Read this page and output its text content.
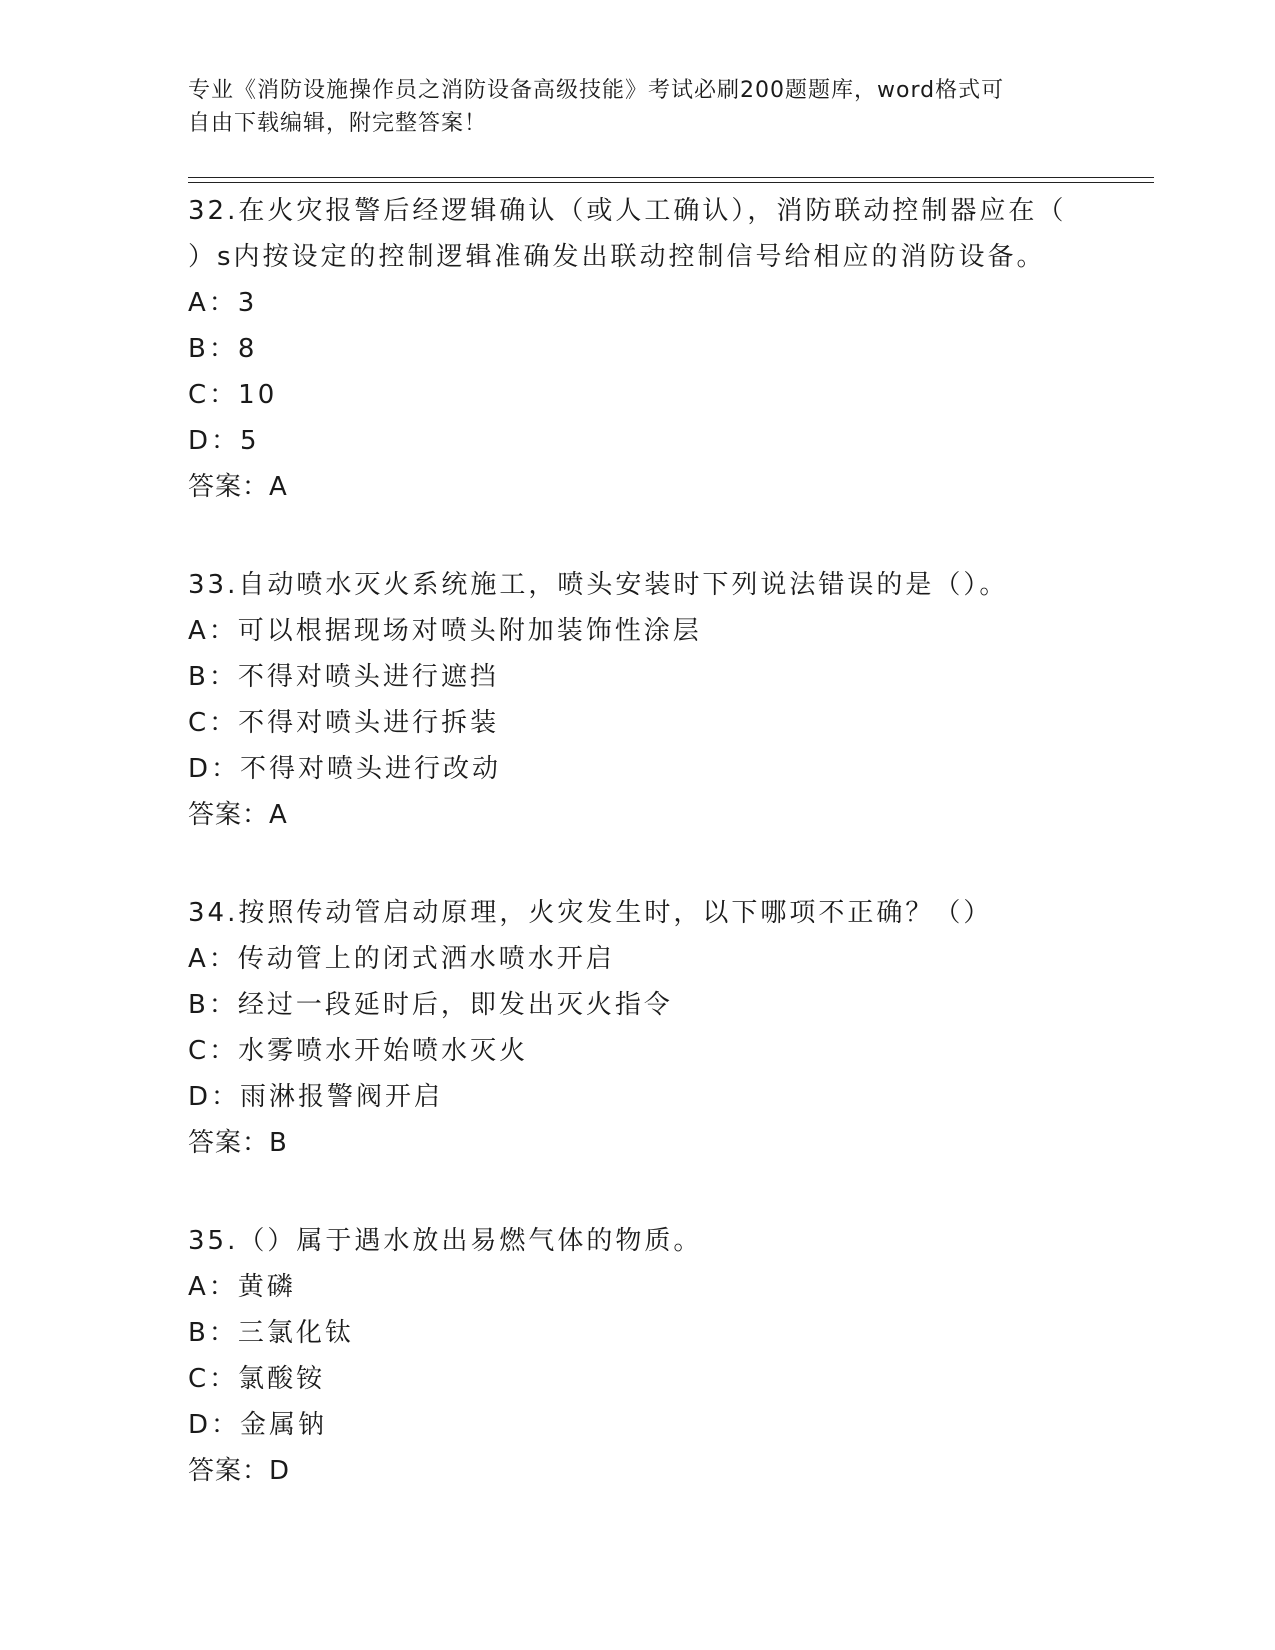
专业《消防设施操作员之消防设备高级技能》考试必刷200题题库，word格式可
自由下载编辑，附完整答案！
32.在火灾报警后经逻辑确认（或人工确认），消防联动控制器应在（
）s内按设定的控制逻辑准确发出联动控制信号给相应的消防设备。
A：3
B：8
C：10
D：5
答案：A
33.自动喷水灭火系统施工，喷头安装时下列说法错误的是（）。
A：可以根据现场对喷头附加装饰性涂层
B：不得对喷头进行遮挡
C：不得对喷头进行拆装
D：不得对喷头进行改动
答案：A
34.按照传动管启动原理，火灾发生时，以下哪项不正确？（）
A：传动管上的闭式洒水喷水开启
B：经过一段延时后，即发出灭火指令
C：水雾喷水开始喷水灭火
D：雨淋报警阀开启
答案：B
35.（）属于遇水放出易燃气体的物质。
A：黄磷
B：三氯化钛
C：氯酸铵
D：金属钠
答案：D
